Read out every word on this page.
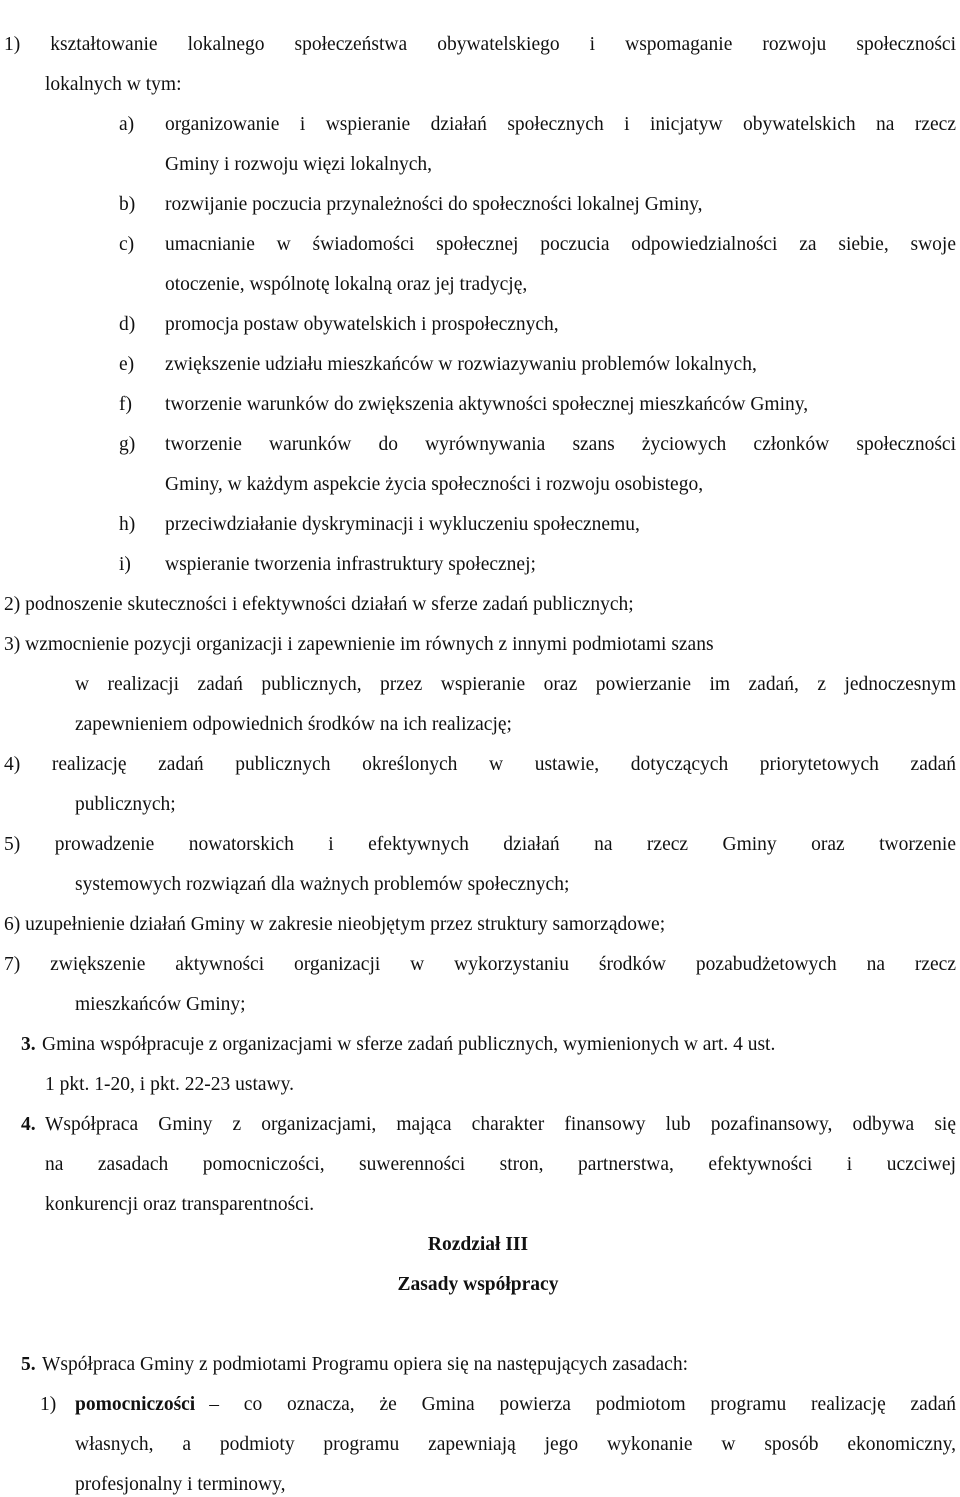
1) kształtowanie lokalnego społeczeństwa obywatelskiego i wspomaganie rozwoju społeczności
lokalnych w tym:
a) organizowanie i wspieranie działań społecznych i inicjatyw obywatelskich na rzecz
Gminy i rozwoju więzi lokalnych,
b) rozwijanie poczucia przynależności do społeczności lokalnej Gminy,
c) umacnianie w świadomości społecznej poczucia odpowiedzialności za siebie, swoje
otoczenie, wspólnotę lokalną oraz jej tradycję,
d) promocja postaw obywatelskich i prospołecznych,
e) zwiększenie udziału mieszkańców w rozwiazywaniu problemów lokalnych,
f) tworzenie warunków do zwiększenia aktywności społecznej mieszkańców Gminy,
g) tworzenie warunków do wyrównywania szans życiowych członków społeczności
Gminy, w każdym aspekcie życia społeczności i rozwoju osobistego,
h) przeciwdziałanie dyskryminacji i wykluczeniu społecznemu,
i) wspieranie tworzenia infrastruktury społecznej;
2) podnoszenie skuteczności i efektywności działań w sferze zadań publicznych;
3) wzmocnienie pozycji organizacji i zapewnienie im równych z innymi podmiotami szans
w realizacji zadań publicznych, przez wspieranie oraz powierzanie im zadań, z jednoczesnym
zapewnieniem odpowiednich środków na ich realizację;
4) realizację zadań publicznych określonych w ustawie, dotyczących priorytetowych zadań
publicznych;
5) prowadzenie nowatorskich i efektywnych działań na rzecz Gminy oraz tworzenie
systemowych rozwiązań dla ważnych problemów społecznych;
6) uzupełnienie działań Gminy w zakresie nieobjętym przez struktury samorządowe;
7) zwiększenie aktywności organizacji w wykorzystaniu środków pozabudżetowych na rzecz
mieszkańców Gminy;
3. Gmina współpracuje z organizacjami w sferze zadań publicznych, wymienionych w art. 4 ust.
1 pkt. 1-20, i pkt. 22-23 ustawy.
4. Współpraca Gminy z organizacjami, mająca charakter finansowy lub pozafinansowy, odbywa się
na zasadach pomocniczości, suwerenności stron, partnerstwa, efektywności i uczciwej
konkurencji oraz transparentności.
Rozdział III
Zasady współpracy
5. Współpraca Gminy z podmiotami Programu opiera się na następujących zasadach:
1) pomocniczości – co oznacza, że Gmina powierza podmiotom programu realizację zadań
własnych, a podmioty programu zapewniają jego wykonanie w sposób ekonomiczny,
profesjonalny i terminowy,
